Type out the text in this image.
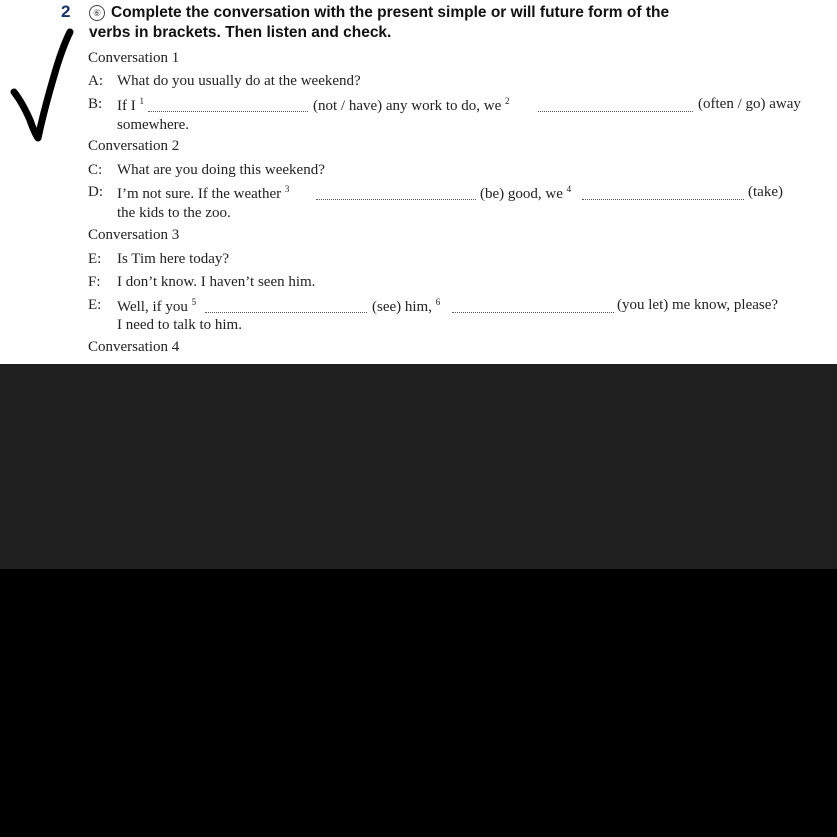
2	⑥ Complete the conversation with the present simple or will future form of the
verbs in brackets. Then listen and check.
Conversation 1
A: What do you usually do at the weekend?
B: If I $^1$	(not / have) any work to do, we $^2$	(often / go) away
somewhere.
Conversation 2
C: What are you doing this weekend?
D: I’m not sure. If the weather $^3$	(be) good, we $^4$	(take)
the kids to the zoo.
Conversation 3
E: Is Tim here today?
F: I don’t know. I haven’t seen him.
E: Well, if you $^5$	(see) him, $^6$	(you let) me know, please?
I need to talk to him.
Conversation 4
